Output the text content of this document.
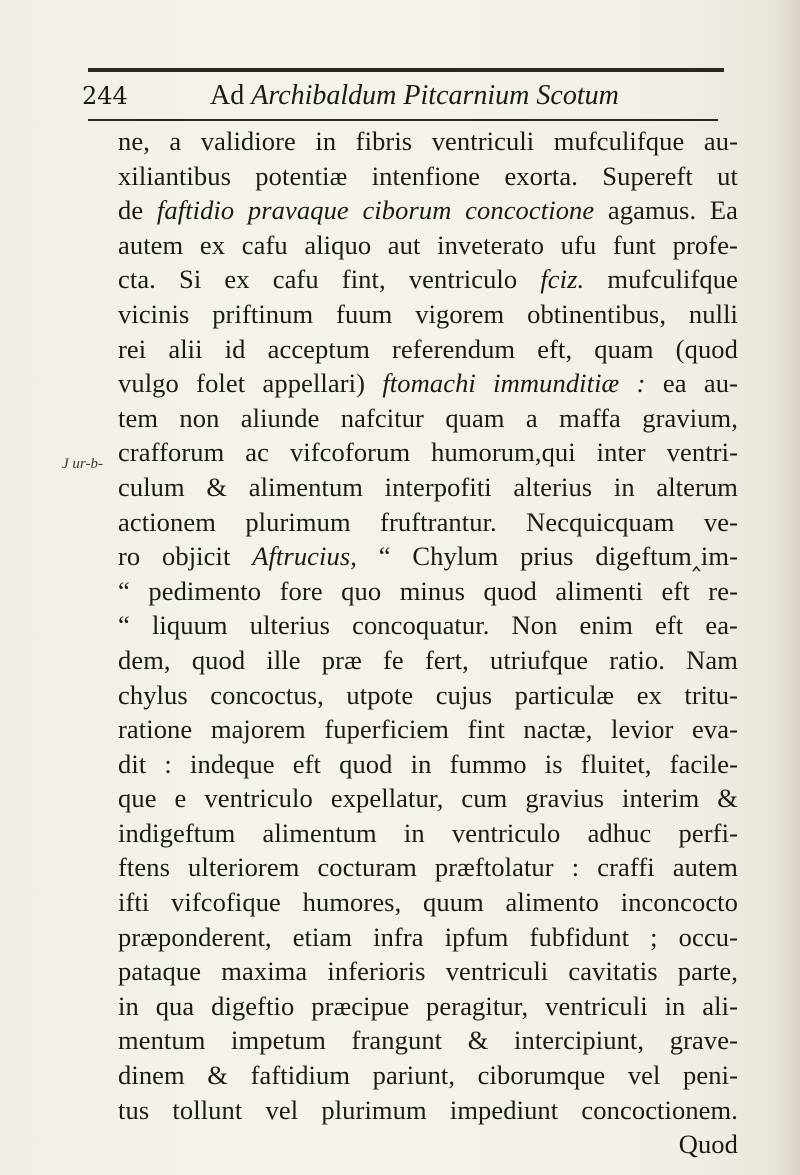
244	Ad Archibaldum Pitcarnium Scotum
J ur-b-
ne, a validiore in fibris ventriculi mufculifque au-
xiliantibus potentiæ intenfione exorta. Supereft ut
de faftidio pravaque ciborum concoctione agamus. Ea
autem ex cafu aliquo aut inveterato ufu funt profe-
cta. Si ex cafu fint, ventriculo fciz. mufculifque
vicinis priftinum fuum vigorem obtinentibus, nulli
rei alii id acceptum referendum eft, quam (quod
vulgo folet appellari) ftomachi immunditiæ : ea au-
tem non aliunde nafcitur quam a maffa gravium,
crafforum ac vifcoforum humorum,qui inter ventri-
culum & alimentum interpofiti alterius in alterum
actionem plurimum fruftrantur. Necquicquam ve-
ro objicit Aftrucius, “ Chylum prius digeftum‸im-
“ pedimento fore quo minus quod alimenti eft re-
“ liquum ulterius concoquatur. Non enim eft ea-
dem, quod ille præ fe fert, utriufque ratio. Nam
chylus concoctus, utpote cujus particulæ ex tritu-
ratione majorem fuperficiem fint nactæ, levior eva-
dit : indeque eft quod in fummo is fluitet, facile-
que e ventriculo expellatur, cum gravius interim &
indigeftum alimentum in ventriculo adhuc perfi-
ftens ulteriorem cocturam præftolatur : craffi autem
ifti vifcofique humores, quum alimento inconcocto
præponderent, etiam infra ipfum fubfidunt ; occu-
pataque maxima inferioris ventriculi cavitatis parte,
in qua digeftio præcipue peragitur, ventriculi in ali-
mentum impetum frangunt & intercipiunt, grave-
dinem & faftidium pariunt, ciborumque vel peni-
tus tollunt vel plurimum impediunt concoctionem.
Quod
